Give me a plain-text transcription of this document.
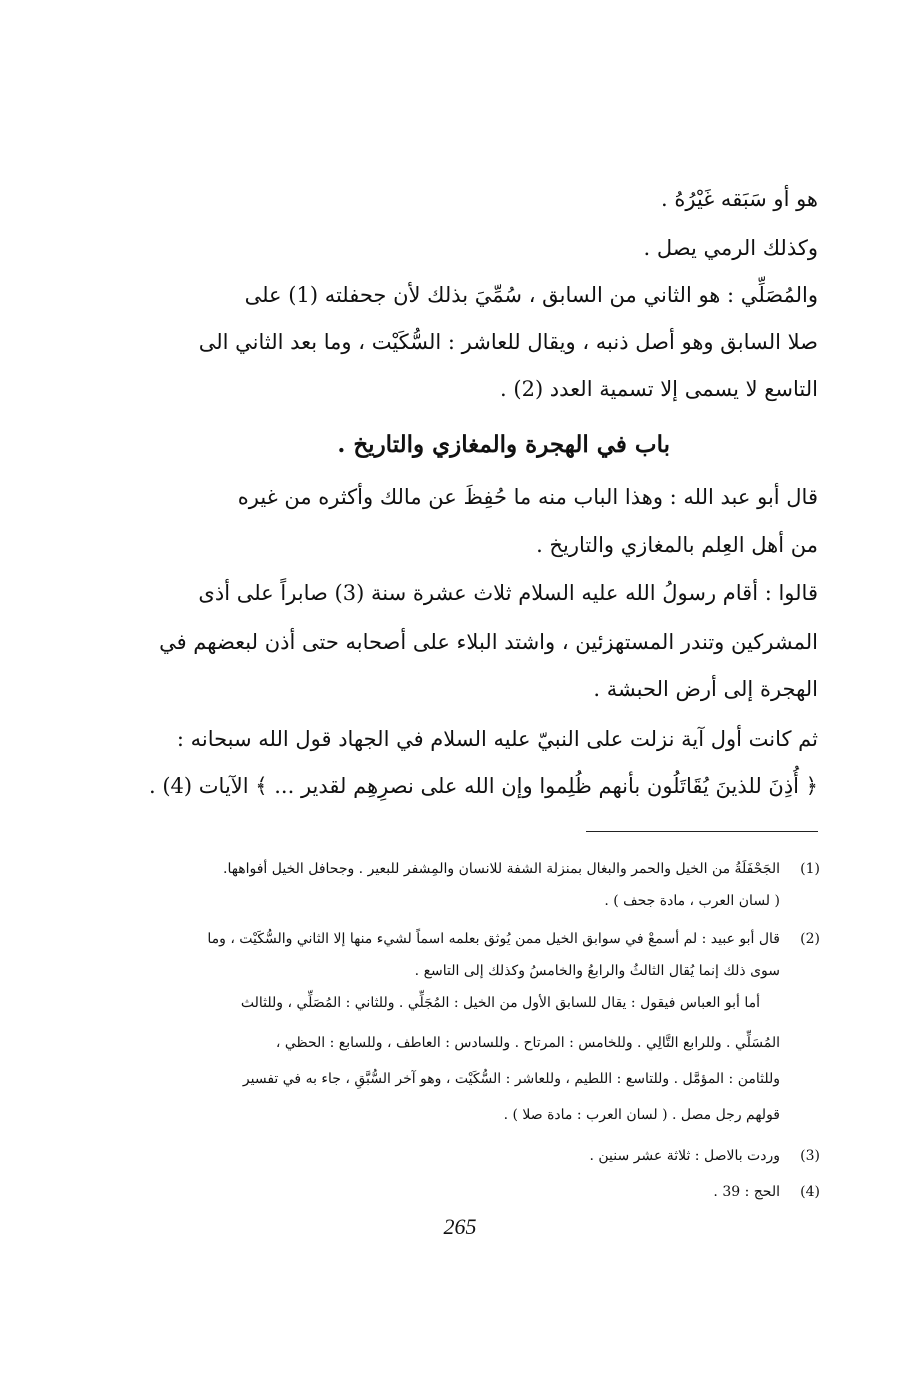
هو أو سَبَقه غَيْرُهُ .
وكذلك الرمي يصل .
والمُصَلِّي : هو الثاني من السابق ، سُمِّيَ بذلك لأن جحفلته (1) على
صلا السابق وهو أصل ذنبه ، ويقال للعاشر : السُّكَيْت ، وما بعد الثاني الى
التاسع لا يسمى إلا تسمية العدد (2) .
باب في الهجرة والمغازي والتاريخ .
قال أبو عبد الله : وهذا الباب منه ما حُفِظَ عن مالك وأكثره من غيره
من أهل العِلم بالمغازي والتاريخ .
قالوا : أقام رسولُ الله عليه السلام ثلاث عشرة سنة (3) صابراً على أذى
المشركين وتندر المستهزئين ، واشتد البلاء على أصحابه حتى أذن لبعضهم في
الهجرة إلى أرض الحبشة .
ثم كانت أول آية نزلت على النبيّ عليه السلام في الجهاد قول الله سبحانه :
﴿ أُذِنَ للذينَ يُقَاتَلُون بأنهم ظُلِموا وإن الله على نصرِهِم لقدير ... ﴾ الآيات (4) .
(1)
الجَحْفَلَةُ من الخيل والحمر والبغال بمنزلة الشفة للانسان والمِشفر للبعير . وجحافل الخيل أفواهها.
( لسان العرب ، مادة جحف ) .
(2)
قال أبو عبيد : لم أسمعْ في سوابق الخيل ممن يُوثق بعلمه اسماً لشيء منها إلا الثاني والسُّكَيْت ، وما
سوى ذلك إنما يُقال الثالثُ والرابعُ والخامسُ وكذلك إلى التاسع .
أما أبو العباس فيقول : يقال للسابق الأول من الخيل : المُجَلِّي . وللثاني : المُصَلِّي ، وللثالث
المُسَلِّي . وللرابع التَّالِي . وللخامس : المرتاح . وللسادس : العاطف ، وللسابع : الحظي ،
وللثامن : المؤمَّل . وللتاسع : اللطيم ، وللعاشر : السُّكَيْت ، وهو آخر السُّبَّقِ ، جاء به في تفسير
قولهم رجل مصل . ( لسان العرب : مادة صلا ) .
(3)
وردت بالاصل : ثلاثة عشر سنين .
(4)
الحج : 39 .
265
